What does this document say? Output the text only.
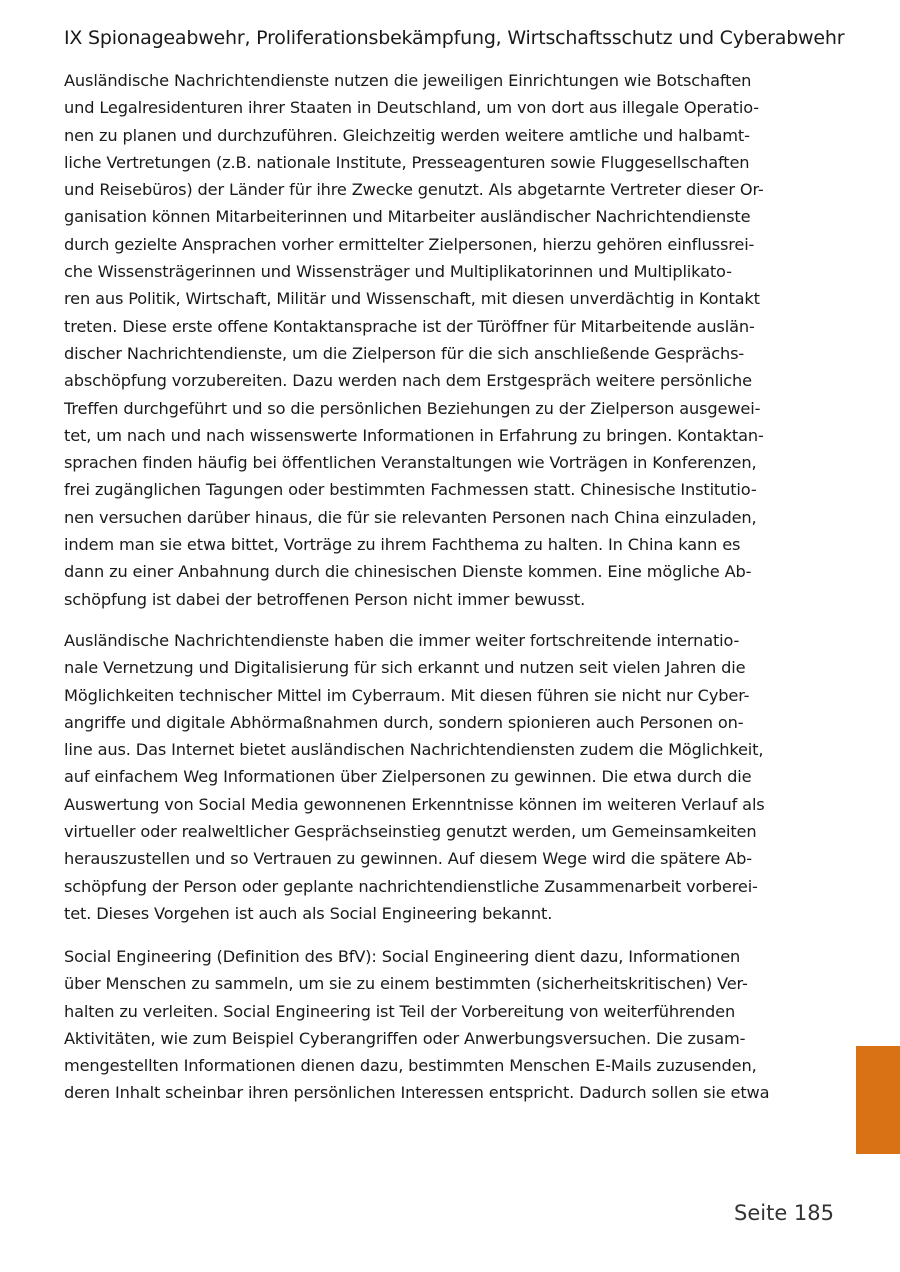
IX Spionageabwehr, Proliferationsbekämpfung, Wirtschaftsschutz und Cyberabwehr
Ausländische Nachrichtendienste nutzen die jeweiligen Einrichtungen wie Botschaften
und Legalresidenturen ihrer Staaten in Deutschland, um von dort aus illegale Operatio-
nen zu planen und durchzuführen. Gleichzeitig werden weitere amtliche und halbamt-
liche Vertretungen (z.B. nationale Institute, Presseagenturen sowie Fluggesellschaften
und Reisebüros) der Länder für ihre Zwecke genutzt. Als abgetarnte Vertreter dieser Or-
ganisation können Mitarbeiterinnen und Mitarbeiter ausländischer Nachrichtendienste
durch gezielte Ansprachen vorher ermittelter Zielpersonen, hierzu gehören einflussrei-
che Wissensträgerinnen und Wissensträger und Multiplikatorinnen und Multiplikato-
ren aus Politik, Wirtschaft, Militär und Wissenschaft, mit diesen unverdächtig in Kontakt
treten. Diese erste offene Kontaktansprache ist der Türöffner für Mitarbeitende auslän-
discher Nachrichtendienste, um die Zielperson für die sich anschließende Gesprächs-
abschöpfung vorzubereiten. Dazu werden nach dem Erstgespräch weitere persönliche
Treffen durchgeführt und so die persönlichen Beziehungen zu der Zielperson ausgewei-
tet, um nach und nach wissenswerte Informationen in Erfahrung zu bringen. Kontaktan-
sprachen finden häufig bei öffentlichen Veranstaltungen wie Vorträgen in Konferenzen,
frei zugänglichen Tagungen oder bestimmten Fachmessen statt. Chinesische Institutio-
nen versuchen darüber hinaus, die für sie relevanten Personen nach China einzuladen,
indem man sie etwa bittet, Vorträge zu ihrem Fachthema zu halten. In China kann es
dann zu einer Anbahnung durch die chinesischen Dienste kommen. Eine mögliche Ab-
schöpfung ist dabei der betroffenen Person nicht immer bewusst.
Ausländische Nachrichtendienste haben die immer weiter fortschreitende internatio-
nale Vernetzung und Digitalisierung für sich erkannt und nutzen seit vielen Jahren die
Möglichkeiten technischer Mittel im Cyberraum. Mit diesen führen sie nicht nur Cyber-
angriffe und digitale Abhörmaßnahmen durch, sondern spionieren auch Personen on-
line aus. Das Internet bietet ausländischen Nachrichtendiensten zudem die Möglichkeit,
auf einfachem Weg Informationen über Zielpersonen zu gewinnen. Die etwa durch die
Auswertung von Social Media gewonnenen Erkenntnisse können im weiteren Verlauf als
virtueller oder realweltlicher Gesprächseinstieg genutzt werden, um Gemeinsamkeiten
herauszustellen und so Vertrauen zu gewinnen. Auf diesem Wege wird die spätere Ab-
schöpfung der Person oder geplante nachrichtendienstliche Zusammenarbeit vorberei-
tet. Dieses Vorgehen ist auch als Social Engineering bekannt.
Social Engineering (Definition des BfV): Social Engineering dient dazu, Informationen
über Menschen zu sammeln, um sie zu einem bestimmten (sicherheitskritischen) Ver-
halten zu verleiten. Social Engineering ist Teil der Vorbereitung von weiterführenden
Aktivitäten, wie zum Beispiel Cyberangriffen oder Anwerbungsversuchen. Die zusam-
mengestellten Informationen dienen dazu, bestimmten Menschen E-Mails zuzusenden,
deren Inhalt scheinbar ihren persönlichen Interessen entspricht. Dadurch sollen sie etwa
Seite 185
